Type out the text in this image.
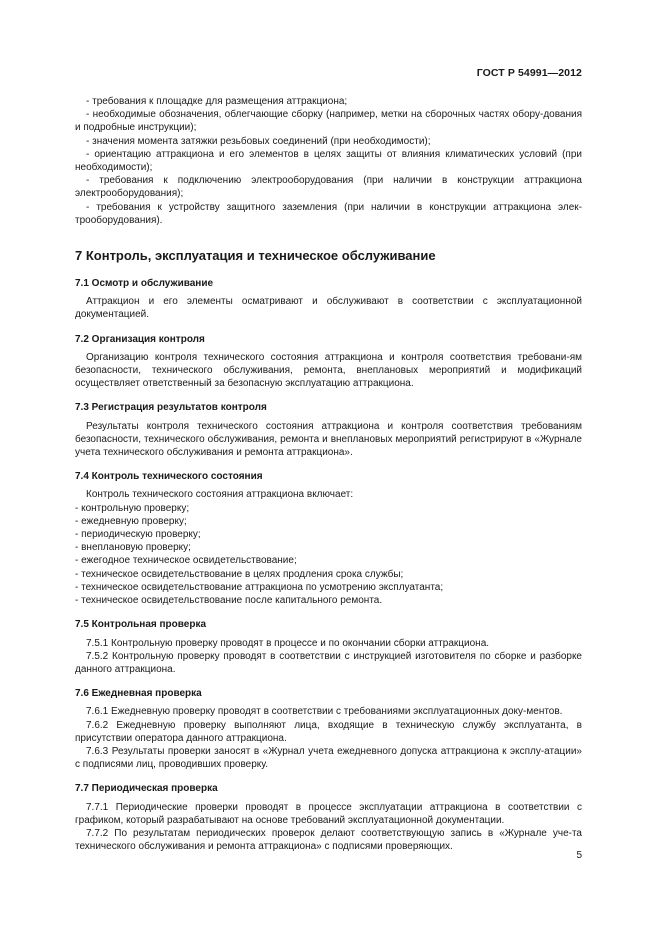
ГОСТ Р 54991—2012

- требования к площадке для размещения аттракциона;

- необходимые обозначения, облегчающие сборку (например, метки на сборочных частях обору-дования и подробные инструкции);

- значения момента затяжки резьбовых соединений (при необходимости);

- ориентацию аттракциона и его элементов в целях защиты от влияния климатических условий (при необходимости);

- требования к подключению электрооборудования (при наличии в конструкции аттракциона электрооборудования);

- требования к устройству защитного заземления (при наличии в конструкции аттракциона элек-трооборудования).

7 Контроль, эксплуатация и техническое обслуживание
7.1 Осмотр и обслуживание

Аттракцион и его элементы осматривают и обслуживают в соответствии с эксплуатационной документацией.

7.2 Организация контроля

Организацию контроля технического состояния аттракциона и контроля соответствия требовани-ям безопасности, технического обслуживания, ремонта, внеплановых мероприятий и модификаций осуществляет ответственный за безопасную эксплуатацию аттракциона.

7.3 Регистрация результатов контроля

Результаты контроля технического состояния аттракциона и контроля соответствия требованиям безопасности, технического обслуживания, ремонта и внеплановых мероприятий регистрируют в «Журнале учета технического обслуживания и ремонта аттракциона».

7.4 Контроль технического состояния

Контроль технического состояния аттракциона включает:

- контрольную проверку;

- ежедневную проверку;

- периодическую проверку;

- внеплановую проверку;

- ежегодное техническое освидетельствование;

- техническое освидетельствование в целях продления срока службы;

- техническое освидетельствование аттракциона по усмотрению эксплуатанта;

- техническое освидетельствование после капитального ремонта.

7.5 Контрольная проверка

7.5.1 Контрольную проверку проводят в процессе и по окончании сборки аттракциона.

7.5.2 Контрольную проверку проводят в соответствии с инструкцией изготовителя по сборке и разборке данного аттракциона.

7.6 Ежедневная проверка

7.6.1 Ежедневную проверку проводят в соответствии с требованиями эксплуатационных доку-ментов.

7.6.2 Ежедневную проверку выполняют лица, входящие в техническую службу эксплуатанта, в присутствии оператора данного аттракциона.

7.6.3 Результаты проверки заносят в «Журнал учета ежедневного допуска аттракциона к эксплу-атации» с подписями лиц, проводивших проверку.

7.7 Периодическая проверка

7.7.1 Периодические проверки проводят в процессе эксплуатации аттракциона в соответствии с графиком, который разрабатывают на основе требований эксплуатационной документации.

7.7.2 По результатам периодических проверок делают соответствующую запись в «Журнале уче-та технического обслуживания и ремонта аттракциона» с подписями проверяющих.

5
